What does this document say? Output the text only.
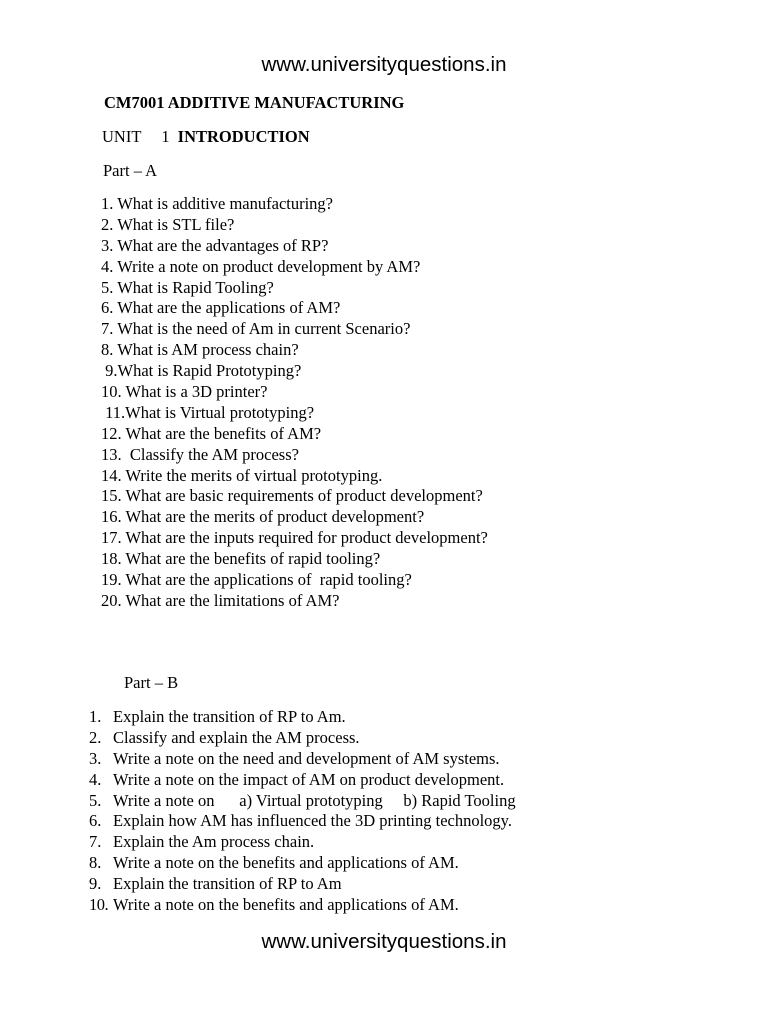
www.universityquestions.in
CM7001 ADDITIVE MANUFACTURING
UNIT 1 INTRODUCTION
Part – A
1. What is additive manufacturing?
2. What is STL file?
3. What are the advantages of RP?
4. Write a note on product development by AM?
5. What is Rapid Tooling?
6. What are the applications of AM?
7. What is the need of Am in current Scenario?
8. What is AM process chain?
9.What is Rapid Prototyping?
10. What is a 3D printer?
11.What is Virtual prototyping?
12. What are the benefits of AM?
13.  Classify the AM process?
14. Write the merits of virtual prototyping.
15. What are basic requirements of product development?
16. What are the merits of product development?
17. What are the inputs required for product development?
18. What are the benefits of rapid tooling?
19. What are the applications of  rapid tooling?
20. What are the limitations of AM?
Part – B
1. Explain the transition of RP to Am.
2. Classify and explain the AM process.
3. Write a note on the need and development of AM systems.
4. Write a note on the impact of AM on product development.
5. Write a note on      a) Virtual prototyping     b) Rapid Tooling
6. Explain how AM has influenced the 3D printing technology.
7. Explain the Am process chain.
8. Write a note on the benefits and applications of AM.
9. Explain the transition of RP to Am
10. Write a note on the benefits and applications of AM.
www.universityquestions.in
